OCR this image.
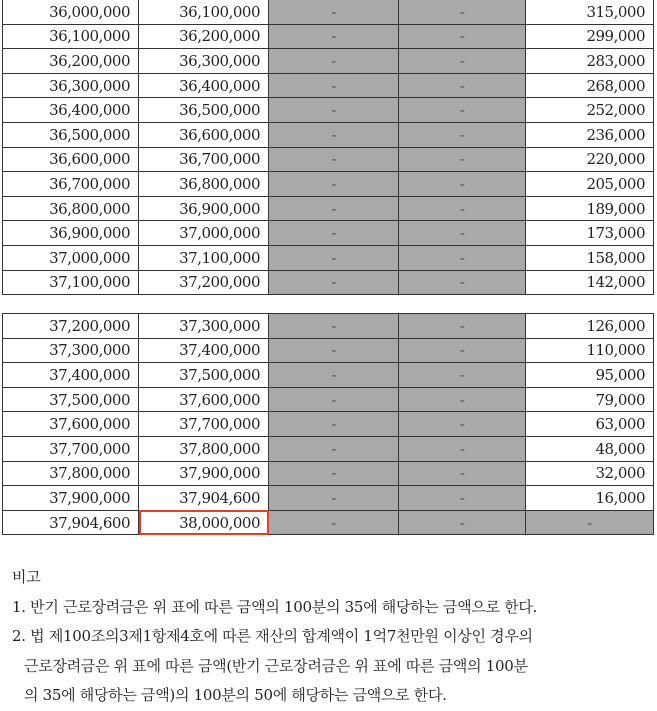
36,000,000	36,100,000	-	-	315,000
36,100,000	36,200,000	-	-	299,000
36,200,000	36,300,000	-	-	283,000
36,300,000	36,400,000	-	-	268,000
36,400,000	36,500,000	-	-	252,000
36,500,000	36,600,000	-	-	236,000
36,600,000	36,700,000	-	-	220,000
36,700,000	36,800,000	-	-	205,000
36,800,000	36,900,000	-	-	189,000
36,900,000	37,000,000	-	-	173,000
37,000,000	37,100,000	-	-	158,000
37,100,000	37,200,000	-	-	142,000
37,200,000	37,300,000	-	-	126,000
37,300,000	37,400,000	-	-	110,000
37,400,000	37,500,000	-	-	95,000
37,500,000	37,600,000	-	-	79,000
37,600,000	37,700,000	-	-	63,000
37,700,000	37,800,000	-	-	48,000
37,800,000	37,900,000	-	-	32,000
37,900,000	37,904,600	-	-	16,000
37,904,600	38,000,000	-	-	-
비고
1. 반기 근로장려금은 위 표에 따른 금액의 100분의 35에 해당하는 금액으로 한다.
2. 법 제100조의3제1항제4호에 따른 재산의 합계액이 1억7천만원 이상인 경우의
근로장려금은 위 표에 따른 금액(반기 근로장려금은 위 표에 따른 금액의 100분
의 35에 해당하는 금액)의 100분의 50에 해당하는 금액으로 한다.
